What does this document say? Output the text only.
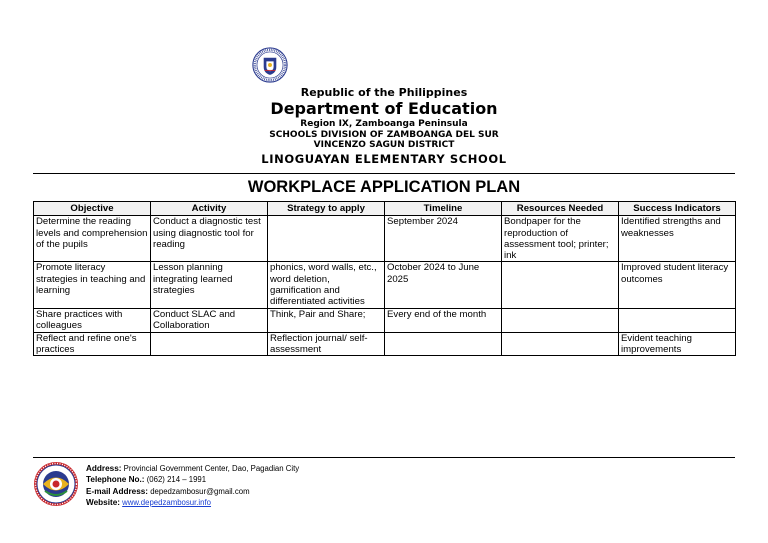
Republic of the Philippines
Department of Education
Region IX, Zamboanga Peninsula
SCHOOLS DIVISION OF ZAMBOANGA DEL SUR
VINCENZO SAGUN DISTRICT
LINOGUAYAN ELEMENTARY SCHOOL
WORKPLACE APPLICATION PLAN
Objective	Activity	Strategy to apply	Timeline	Resources Needed	Success Indicators
Determine the reading levels and comprehension of the pupils	Conduct a diagnostic test using diagnostic tool for reading		September 2024	Bondpaper for the reproduction of assessment tool; printer; ink	Identified strengths and weaknesses
Promote literacy strategies in teaching and learning	Lesson planning integrating learned strategies	phonics, word walls, etc., word deletion, gamification and differentiated activities	October 2024 to June 2025		Improved student literacy outcomes
Share practices with colleagues	Conduct SLAC and Collaboration	Think, Pair and Share;	Every end of the month		
Reflect and refine one's practices		Reflection journal/ self-assessment			Evident teaching improvements
Address: Provincial Government Center, Dao, Pagadian City
Telephone No.: (062) 214 – 1991
E-mail Address: depedzambosur@gmail.com
Website: www.depedzambosur.info
